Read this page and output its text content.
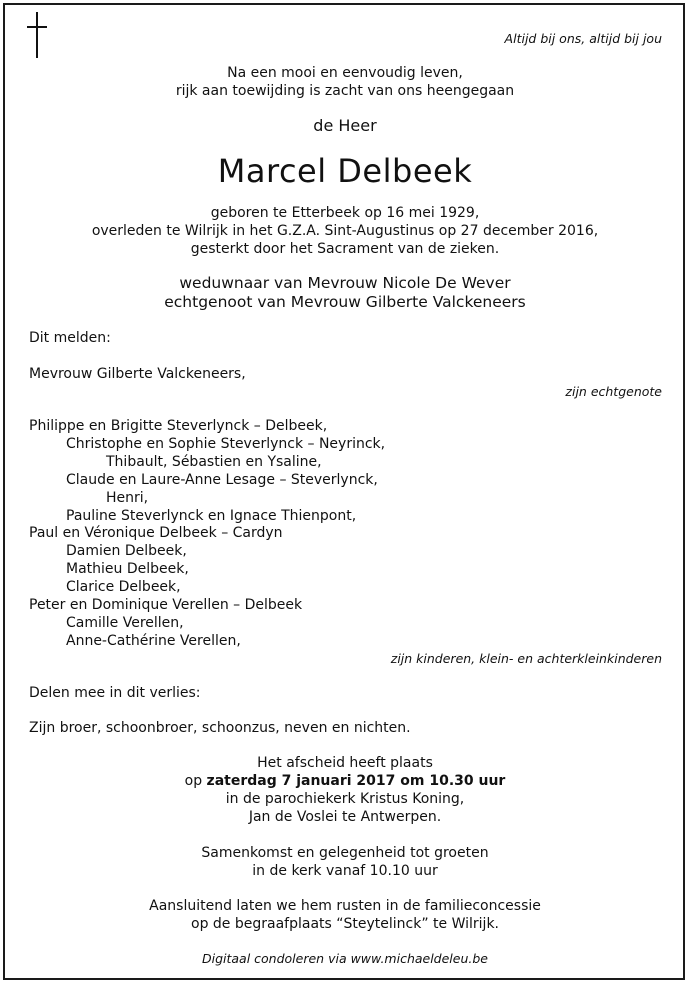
Altijd bij ons, altijd bij jou
Na een mooi en eenvoudig leven,
rijk aan toewijding is zacht van ons heengegaan
de Heer
Marcel Delbeek
geboren te Etterbeek op 16 mei 1929,
overleden te Wilrijk in het G.Z.A. Sint-Augustinus op 27 december 2016,
gesterkt door het Sacrament van de zieken.
weduwnaar van Mevrouw Nicole De Wever
echtgenoot van Mevrouw Gilberte Valckeneers
Dit melden:
Mevrouw Gilberte Valckeneers,
zijn echtgenote
Philippe en Brigitte Steverlynck – Delbeek,
Christophe en Sophie Steverlynck – Neyrinck,
Thibault, Sébastien en Ysaline,
Claude en Laure-Anne Lesage – Steverlynck,
Henri,
Pauline Steverlynck en Ignace Thienpont,
Paul en Véronique Delbeek – Cardyn
Damien Delbeek,
Mathieu Delbeek,
Clarice Delbeek,
Peter en Dominique Verellen – Delbeek
Camille Verellen,
Anne-Cathérine Verellen,
zijn kinderen, klein- en achterkleinkinderen
Delen mee in dit verlies:
Zijn broer, schoonbroer, schoonzus, neven en nichten.
Het afscheid heeft plaats
op zaterdag 7 januari 2017 om 10.30 uur
in de parochiekerk Kristus Koning,
Jan de Voslei te Antwerpen.
Samenkomst en gelegenheid tot groeten
in de kerk vanaf 10.10 uur
Aansluitend laten we hem rusten in de familieconcessie
op de begraafplaats “Steytelinck” te Wilrijk.
Digitaal condoleren via www.michaeldeleu.be
